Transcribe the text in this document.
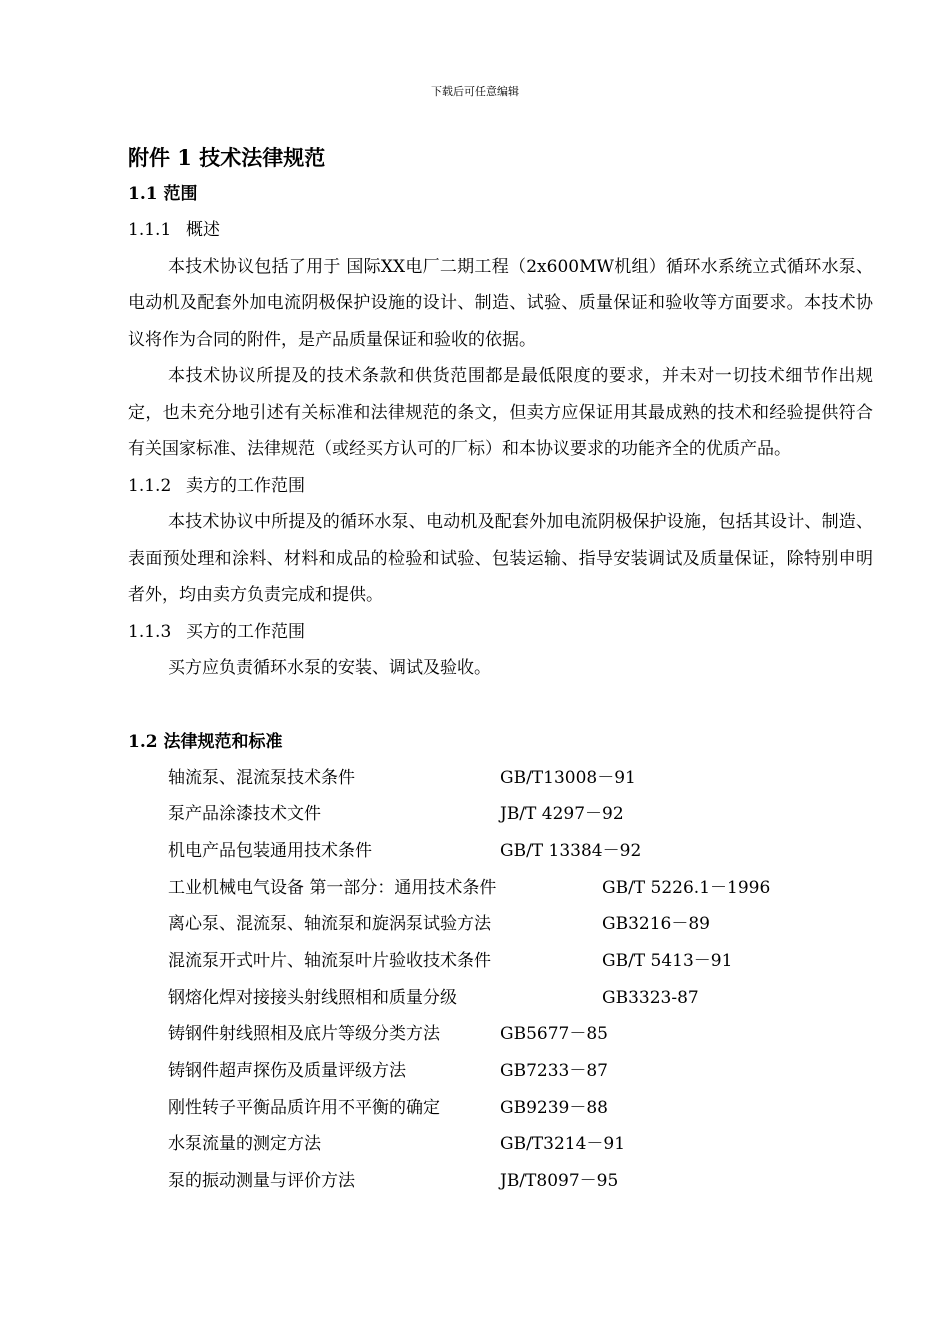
下载后可任意编辑
附件 1 技术法律规范
1.1 范围
1.1.1 概述

本技术协议包括了用于 国际XX电厂二期工程（2x600MW机组）循环水系统立式循环水泵、电动机及配套外加电流阴极保护设施的设计、制造、试验、质量保证和验收等方面要求。本技术协议将作为合同的附件，是产品质量保证和验收的依据。

本技术协议所提及的技术条款和供货范围都是最低限度的要求，并未对一切技术细节作出规定，也未充分地引述有关标准和法律规范的条文，但卖方应保证用其最成熟的技术和经验提供符合有关国家标准、法律规范（或经买方认可的厂标）和本协议要求的功能齐全的优质产品。

1.1.2 卖方的工作范围

本技术协议中所提及的循环水泵、电动机及配套外加电流阴极保护设施，包括其设计、制造、表面预处理和涂料、材料和成品的检验和试验、包装运输、指导安装调试及质量保证，除特别申明者外，均由卖方负责完成和提供。

1.1.3 买方的工作范围

买方应负责循环水泵的安装、调试及验收。

1.2 法律规范和标准
轴流泵、混流泵技术条件	GB/T13008－91
泵产品涂漆技术文件	JB/T 4297－92
机电产品包装通用技术条件	GB/T 13384－92
工业机械电气设备 第一部分：通用技术条件	GB/T 5226.1－1996
离心泵、混流泵、轴流泵和旋涡泵试验方法	GB3216－89
混流泵开式叶片、轴流泵叶片验收技术条件	GB/T 5413－91
钢熔化焊对接接头射线照相和质量分级	GB3323-87
铸钢件射线照相及底片等级分类方法	GB5677－85
铸钢件超声探伤及质量评级方法	GB7233－87
刚性转子平衡品质许用不平衡的确定	GB9239－88
水泵流量的测定方法	GB/T3214－91
泵的振动测量与评价方法	JB/T8097－95
